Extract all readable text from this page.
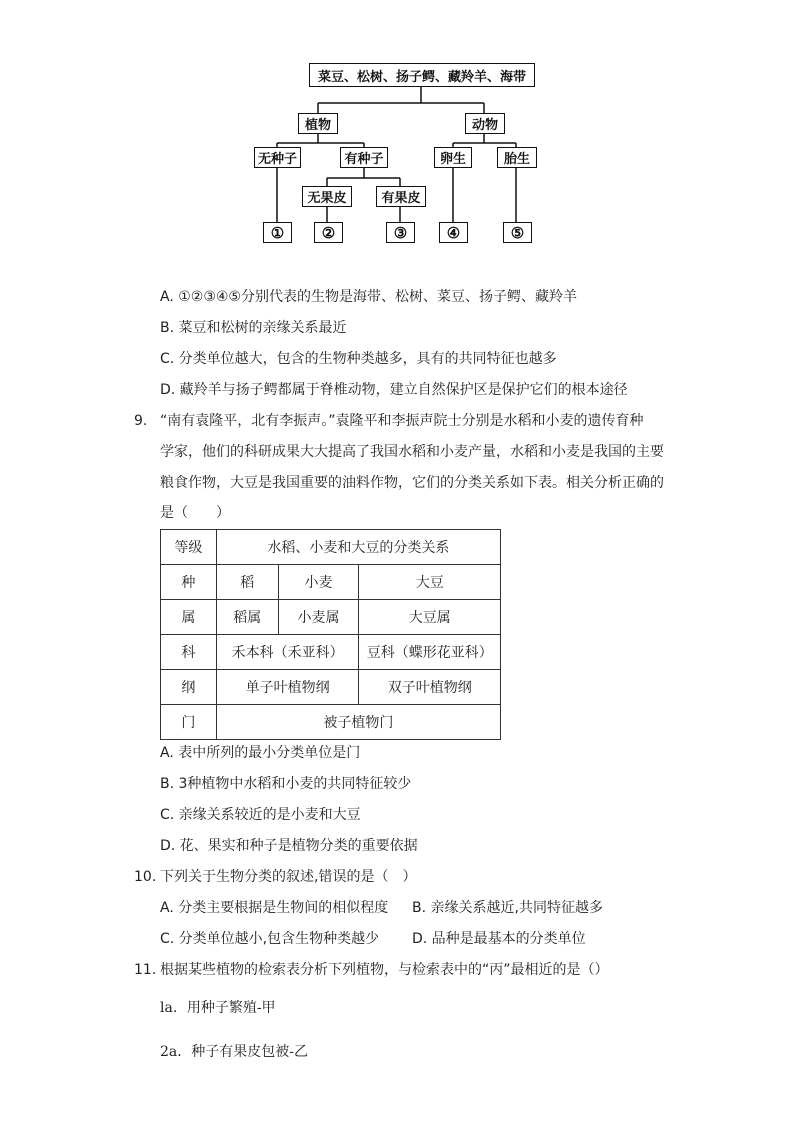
菜豆、松树、扬子鳄、藏羚羊、海带
植物	动物
无种子	有种子	卵生	胎生
无果皮	有果皮
①	②	③	④	⑤
A. ①②③④⑤分别代表的生物是海带、松树、菜豆、扬子鳄、藏羚羊
B. 菜豆和松树的亲缘关系最近
C. 分类单位越大，包含的生物种类越多，具有的共同特征也越多
D. 藏羚羊与扬子鳄都属于脊椎动物，建立自然保护区是保护它们的根本途径
9. “南有袁隆平，北有李振声。”袁隆平和李振声院士分别是水稻和小麦的遗传育种
学家，他们的科研成果大大提高了我国水稻和小麦产量，水稻和小麦是我国的主要
粮食作物，大豆是我国重要的油料作物，它们的分类关系如下表。相关分析正确的
是（　　）
等级	水稻、小麦和大豆的分类关系		
种	稻	小麦	大豆
属	稻属	小麦属	大豆属
科	禾本科（禾亚科）		豆科（蝶形花亚科）
纲	单子叶植物纲		双子叶植物纲
门	被子植物门		
A. 表中所列的最小分类单位是门
B. 3种植物中水稻和小麦的共同特征较少
C. 亲缘关系较近的是小麦和大豆
D. 花、果实和种子是植物分类的重要依据
10. 下列关于生物分类的叙述,错误的是（　）
A. 分类主要根据是生物间的相似程度 B. 亲缘关系越近,共同特征越多
C. 分类单位越小,包含生物种类越少 D. 品种是最基本的分类单位
11. 根据某些植物的检索表分析下列植物，与检索表中的“丙”最相近的是（）
la．用种子繁殖-甲
2a．种子有果皮包被-乙
